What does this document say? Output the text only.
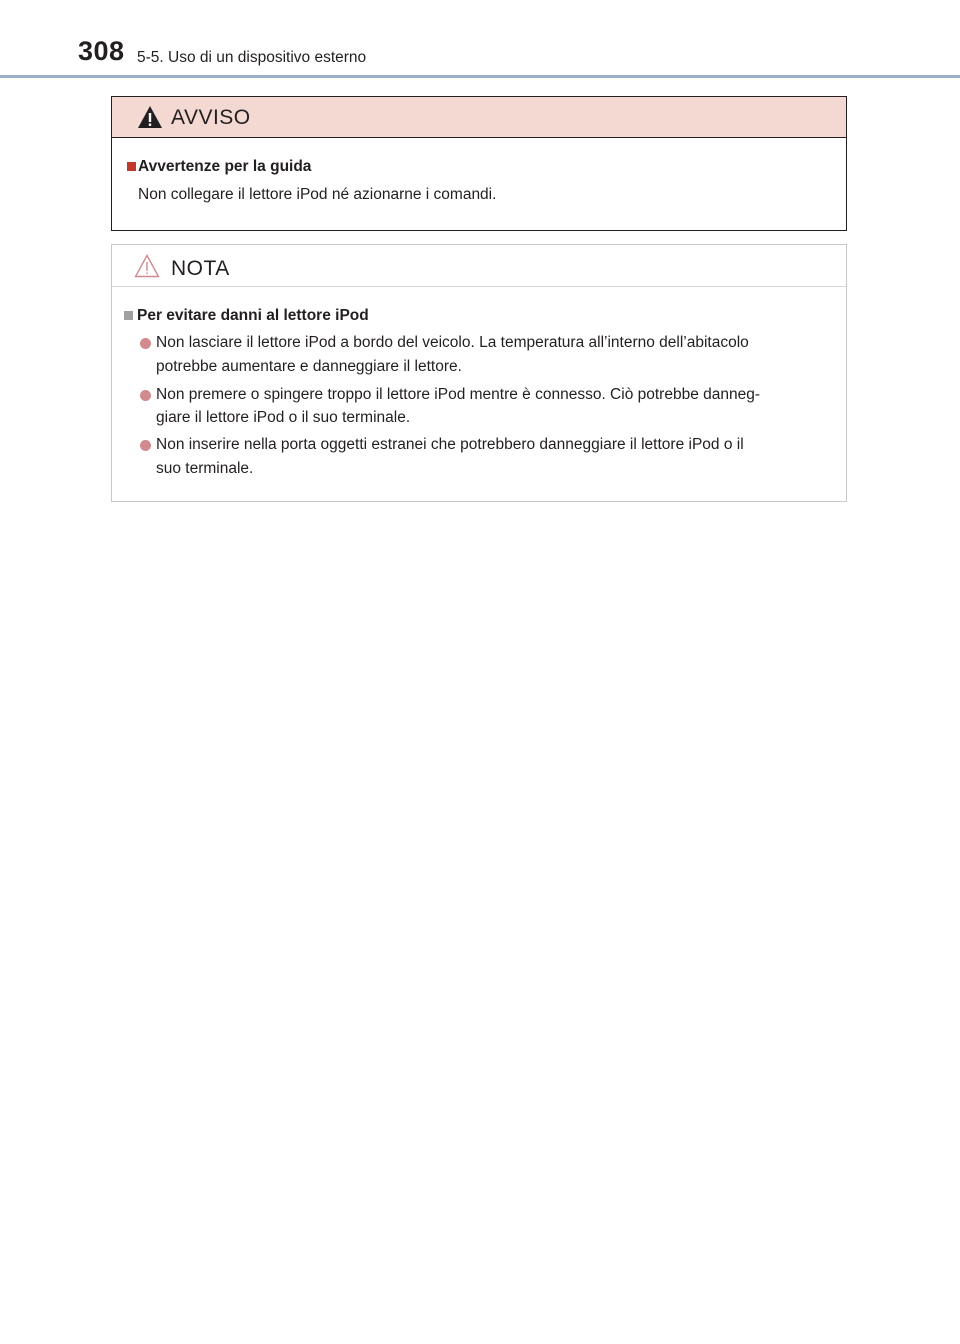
308 5-5. Uso di un dispositivo esterno
AVVISO
Avvertenze per la guida
Non collegare il lettore iPod né azionarne i comandi.
NOTA
Per evitare danni al lettore iPod
Non lasciare il lettore iPod a bordo del veicolo. La temperatura all’interno dell’abitacolo
potrebbe aumentare e danneggiare il lettore.
Non premere o spingere troppo il lettore iPod mentre è connesso. Ciò potrebbe danneg-
giare il lettore iPod o il suo terminale.
Non inserire nella porta oggetti estranei che potrebbero danneggiare il lettore iPod o il
suo terminale.
